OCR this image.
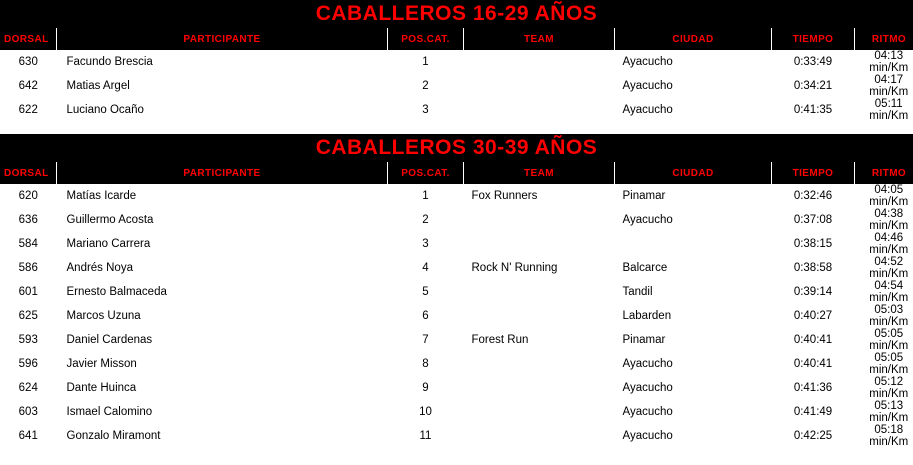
CABALLEROS 16-29 AÑOS
DORSAL	PARTICIPANTE	POS.CAT.	TEAM	CIUDAD	TIEMPO	RITMO
630	Facundo Brescia	1		Ayacucho	0:33:49	04:13 min/Km
642	Matias Argel	2		Ayacucho	0:34:21	04:17 min/Km
622	Luciano Ocaño	3		Ayacucho	0:41:35	05:11 min/Km
CABALLEROS 30-39 AÑOS
DORSAL	PARTICIPANTE	POS.CAT.	TEAM	CIUDAD	TIEMPO	RITMO
620	Matías Icarde	1	Fox Runners	Pinamar	0:32:46	04:05 min/Km
636	Guillermo Acosta	2		Ayacucho	0:37:08	04:38 min/Km
584	Mariano Carrera	3			0:38:15	04:46 min/Km
586	Andrés Noya	4	Rock N' Running	Balcarce	0:38:58	04:52 min/Km
601	Ernesto Balmaceda	5		Tandil	0:39:14	04:54 min/Km
625	Marcos Uzuna	6		Labarden	0:40:27	05:03 min/Km
593	Daniel Cardenas	7	Forest Run	Pinamar	0:40:41	05:05 min/Km
596	Javier Misson	8		Ayacucho	0:40:41	05:05 min/Km
624	Dante Huinca	9		Ayacucho	0:41:36	05:12 min/Km
603	Ismael Calomino	10		Ayacucho	0:41:49	05:13 min/Km
641	Gonzalo Miramont	11		Ayacucho	0:42:25	05:18 min/Km
